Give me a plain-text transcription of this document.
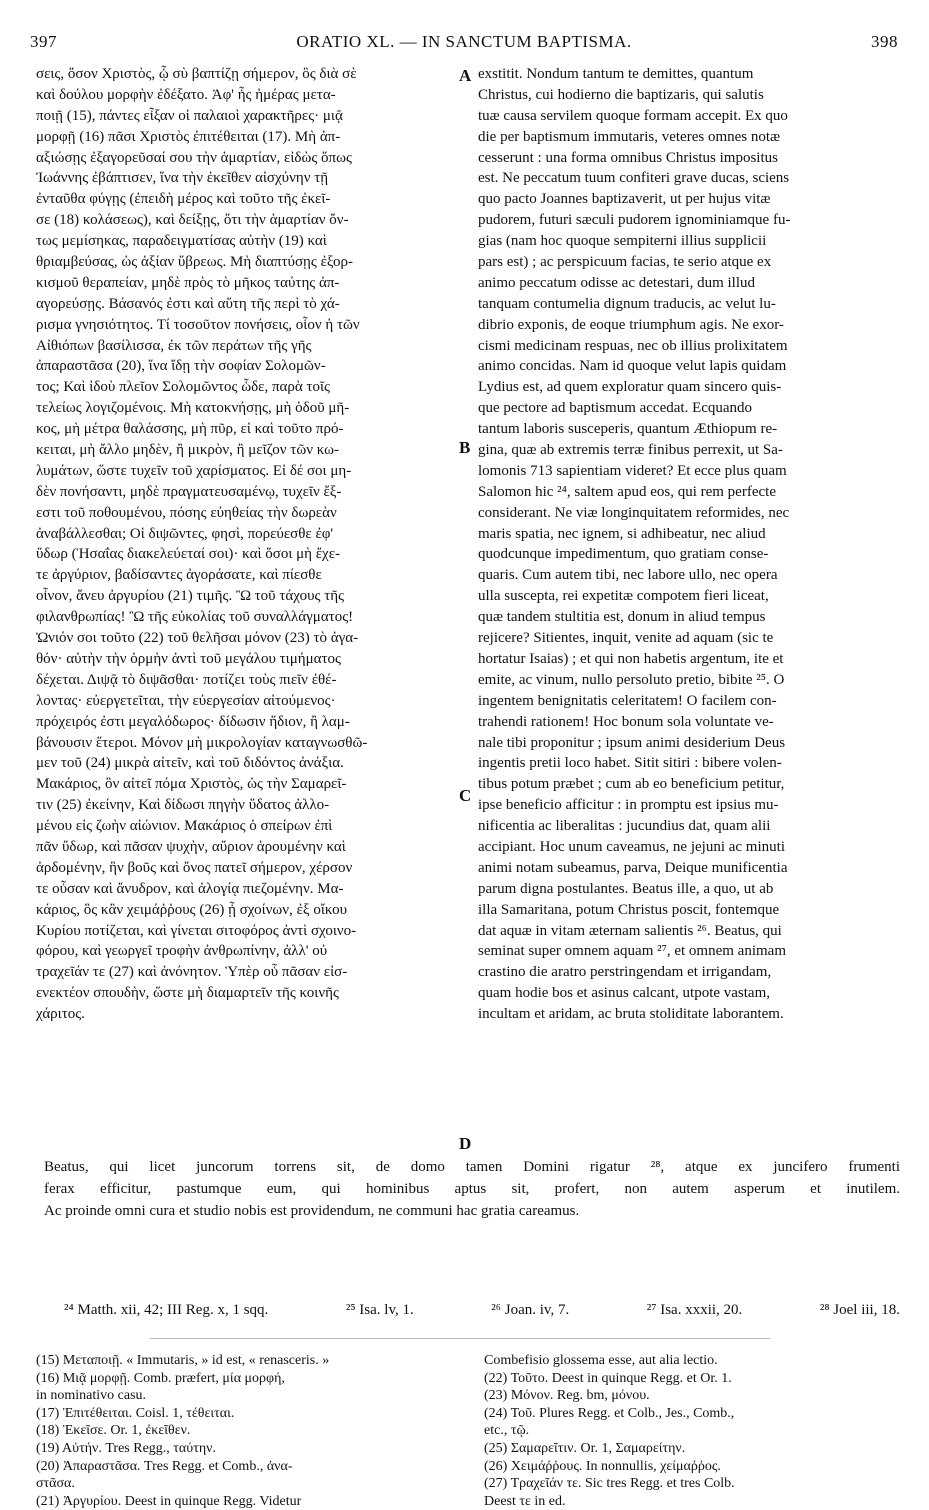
397	ORATIO XL. — IN SANCTUM BAPTISMA.	398
σεις, ὅσον Χριστὸς, ᾧ σὺ βαπτίζῃ σήμερον, ὃς διὰ σὲ
καὶ δούλου μορφὴν ἐδέξατο. Ἀφ' ἧς ἡμέρας μετα-
ποιῇ (15), πάντες εἶξαν οἱ παλαιοὶ χαρακτῆρες· μιᾷ
μορφῇ (16) πᾶσι Χριστὸς ἐπιτέθειται (17). Μὴ ἀπ-
αξιώσῃς ἐξαγορεῦσαί σου τὴν ἁμαρτίαν, εἰδὼς ὅπως
Ἰωάννης ἐβάπτισεν, ἵνα τὴν ἐκεῖθεν αἰσχύνην τῇ
ἐνταῦθα φύγῃς (ἐπειδὴ μέρος καὶ τοῦτο τῆς ἐκεῖ-
σε (18) κολάσεως), καὶ δείξῃς, ὅτι τὴν ἁμαρτίαν ὄν-
τως μεμίσηκας, παραδειγματίσας αὐτὴν (19) καὶ
θριαμβεύσας, ὡς ἀξίαν ὕβρεως. Μὴ διαπτύσῃς ἐξορ-
κισμοῦ θεραπείαν, μηδὲ πρὸς τὸ μῆκος ταύτης ἀπ-
αγορεύσῃς. Βάσανός ἐστι καὶ αὕτη τῆς περὶ τὸ χά-
ρισμα γνησιότητος. Τί τοσοῦτον πονήσεις, οἷον ἡ τῶν
Αἰθιόπων βασίλισσα, ἐκ τῶν περάτων τῆς γῆς
ἀπαραστᾶσα (20), ἵνα ἴδῃ τὴν σοφίαν Σολομῶν-
τος; Καὶ ἰδοὺ πλεῖον Σολομῶντος ὧδε, παρὰ τοῖς
τελείως λογιζομένοις. Μὴ κατοκνήσῃς, μὴ ὁδοῦ μῆ-
κος, μὴ μέτρα θαλάσσης, μὴ πῦρ, εἰ καὶ τοῦτο πρό-
κειται, μὴ ἄλλο μηδὲν, ἢ μικρὸν, ἢ μεῖζον τῶν κω-
λυμάτων, ὥστε τυχεῖν τοῦ χαρίσματος. Εἰ δέ σοι μη-
δὲν πονήσαντι, μηδὲ πραγματευσαμένῳ, τυχεῖν ἔξ-
εστι τοῦ ποθουμένου, πόσης εὐηθείας τὴν δωρεὰν
ἀναβάλλεσθαι; Οἱ διψῶντες, φησὶ, πορεύεσθε ἐφ'
ὕδωρ (Ἡσαΐας διακελεύεταί σοι)· καὶ ὅσοι μὴ ἔχε-
τε ἀργύριον, βαδίσαντες ἀγοράσατε, καὶ πίεσθε
οἶνον, ἄνευ ἀργυρίου (21) τιμῆς. Ὢ τοῦ τάχους τῆς
φιλανθρωπίας! Ὢ τῆς εὐκολίας τοῦ συναλλάγματος!
Ὠνιόν σοι τοῦτο (22) τοῦ θελῆσαι μόνον (23) τὸ ἀγα-
θόν· αὐτὴν τὴν ὁρμὴν ἀντὶ τοῦ μεγάλου τιμήματος
δέχεται. Διψᾷ τὸ διψᾶσθαι· ποτίζει τοὺς πιεῖν ἐθέ-
λοντας· εὐεργετεῖται, τὴν εὐεργεσίαν αἰτούμενος·
πρόχειρός ἐστι μεγαλόδωρος· δίδωσιν ἥδιον, ἢ λαμ-
βάνουσιν ἕτεροι. Μόνον μὴ μικρολογίαν καταγνωσθῶ-
μεν τοῦ (24) μικρὰ αἰτεῖν, καὶ τοῦ διδόντος ἀνάξια.
Μακάριος, ὃν αἰτεῖ πόμα Χριστὸς, ὡς τὴν Σαμαρεῖ-
τιν (25) ἐκείνην, Καὶ δίδωσι πηγὴν ὕδατος ἀλλο-
μένου εἰς ζωὴν αἰώνιον. Μακάριος ὁ σπείρων ἐπὶ
πᾶν ὕδωρ, καὶ πᾶσαν ψυχὴν, αὔριον ἀρουμένην καὶ
ἀρδομένην, ἣν βοῦς καὶ ὄνος πατεῖ σήμερον, χέρσον
τε οὖσαν καὶ ἄνυδρον, καὶ ἀλογίᾳ πιεζομένην. Μα-
κάριος, ὃς κἂν χειμάῤῥους (26) ᾖ σχοίνων, ἐξ οἴκου
Κυρίου ποτίζεται, καὶ γίνεται σιτοφόρος ἀντὶ σχοινο-
φόρου, καὶ γεωργεῖ τροφὴν ἀνθρωπίνην, ἀλλ' οὐ
τραχεῖάν τε (27) καὶ ἀνόνητον. Ὑπὲρ οὗ πᾶσαν εἰσ-
ενεκτέον σπουδὴν, ὥστε μὴ διαμαρτεῖν τῆς κοινῆς
χάριτος.
exstitit. Nondum tantum te demittes, quantum
Christus, cui hodierno die baptizaris, qui salutis
tuæ causa servilem quoque formam accepit. Ex quo
die per baptismum immutaris, veteres omnes notæ
cesserunt : una forma omnibus Christus impositus
est. Ne peccatum tuum confiteri grave ducas, sciens
quo pacto Joannes baptizaverit, ut per hujus vitæ
pudorem, futuri sæculi pudorem ignominiamque fu-
gias (nam hoc quoque sempiterni illius supplicii
pars est) ; ac perspicuum facias, te serio atque ex
animo peccatum odisse ac detestari, dum illud
tanquam contumelia dignum traducis, ac velut lu-
dibrio exponis, de eoque triumphum agis. Ne exor-
cismi medicinam respuas, nec ob illius prolixitatem
animo concidas. Nam id quoque velut lapis quidam
Lydius est, ad quem exploratur quam sincero quis-
que pectore ad baptismum accedat. Ecquando
tantum laboris susceperis, quantum Æthiopum re-
gina, quæ ab extremis terræ finibus perrexit, ut Sa-
lomonis 713 sapientiam videret? Et ecce plus quam
Salomon hic ²⁴, saltem apud eos, qui rem perfecte
considerant. Ne viæ longinquitatem reformides, nec
maris spatia, nec ignem, si adhibeatur, nec aliud
quodcunque impedimentum, quo gratiam conse-
quaris. Cum autem tibi, nec labore ullo, nec opera
ulla suscepta, rei expetitæ compotem fieri liceat,
quæ tandem stultitia est, donum in aliud tempus
rejicere? Sitientes, inquit, venite ad aquam (sic te
hortatur Isaias) ; et qui non habetis argentum, ite et
emite, ac vinum, nullo persoluto pretio, bibite ²⁵. O
ingentem benignitatis celeritatem! O facilem con-
trahendi rationem! Hoc bonum sola voluntate ve-
nale tibi proponitur ; ipsum animi desiderium Deus
ingentis pretii loco habet. Sitit sitiri : bibere volen-
tibus potum præbet ; cum ab eo beneficium petitur,
ipse beneficio afficitur : in promptu est ipsius mu-
nificentia ac liberalitas : jucundius dat, quam alii
accipiant. Hoc unum caveamus, ne jejuni ac minuti
animi notam subeamus, parva, Deique munificentia
parum digna postulantes. Beatus ille, a quo, ut ab
illa Samaritana, potum Christus poscit, fontemque
dat aquæ in vitam æternam salientis ²⁶. Beatus, qui
seminat super omnem aquam ²⁷, et omnem animam
crastino die aratro perstringendam et irrigandam,
quam hodie bos et asinus calcant, utpote vastam,
incultam et aridam, ac bruta stoliditate laborantem.
A
B
C
D
Beatus, qui licet juncorum torrens sit, de domo tamen Domini rigatur ²⁸, atque ex juncifero frumenti
ferax efficitur, pastumque eum, qui hominibus aptus sit, profert, non autem asperum et inutilem.
Ac proinde omni cura et studio nobis est providendum, ne communi hac gratia careamus.
²⁴ Matth. xii, 42; III Reg. x, 1 sqq.	²⁵ Isa. lv, 1.	²⁶ Joan. iv, 7.	²⁷ Isa. xxxii, 20.	²⁸ Joel iii, 18.
(15) Μεταποιῇ. « Immutaris, » id est, « renasceris. »
(16) Μιᾷ μορφῇ. Comb. præfert, μία μορφή,
in nominativo casu.
(17) Ἐπιτέθειται. Coisl. 1, τέθειται.
(18) Ἐκεῖσε. Or. 1, ἐκεῖθεν.
(19) Αὐτήν. Tres Regg., ταύτην.
(20) Ἀπαραστᾶσα. Tres Regg. et Comb., ἀνα-
στᾶσα.
(21) Ἀργυρίου. Deest in quinque Regg. Videtur
Combefisio glossema esse, aut alia lectio.
(22) Τοῦτο. Deest in quinque Regg. et Or. 1.
(23) Μόνον. Reg. bm, μόνου.
(24) Τοῦ. Plures Regg. et Colb., Jes., Comb.,
etc., τῷ.
(25) Σαμαρεῖτιν. Or. 1, Σαμαρείτην.
(26) Χειμάῤῥους. In nonnullis, χείμαῤῥος.
(27) Τραχεῖάν τε. Sic tres Regg. et tres Colb.
Deest τε in ed.
